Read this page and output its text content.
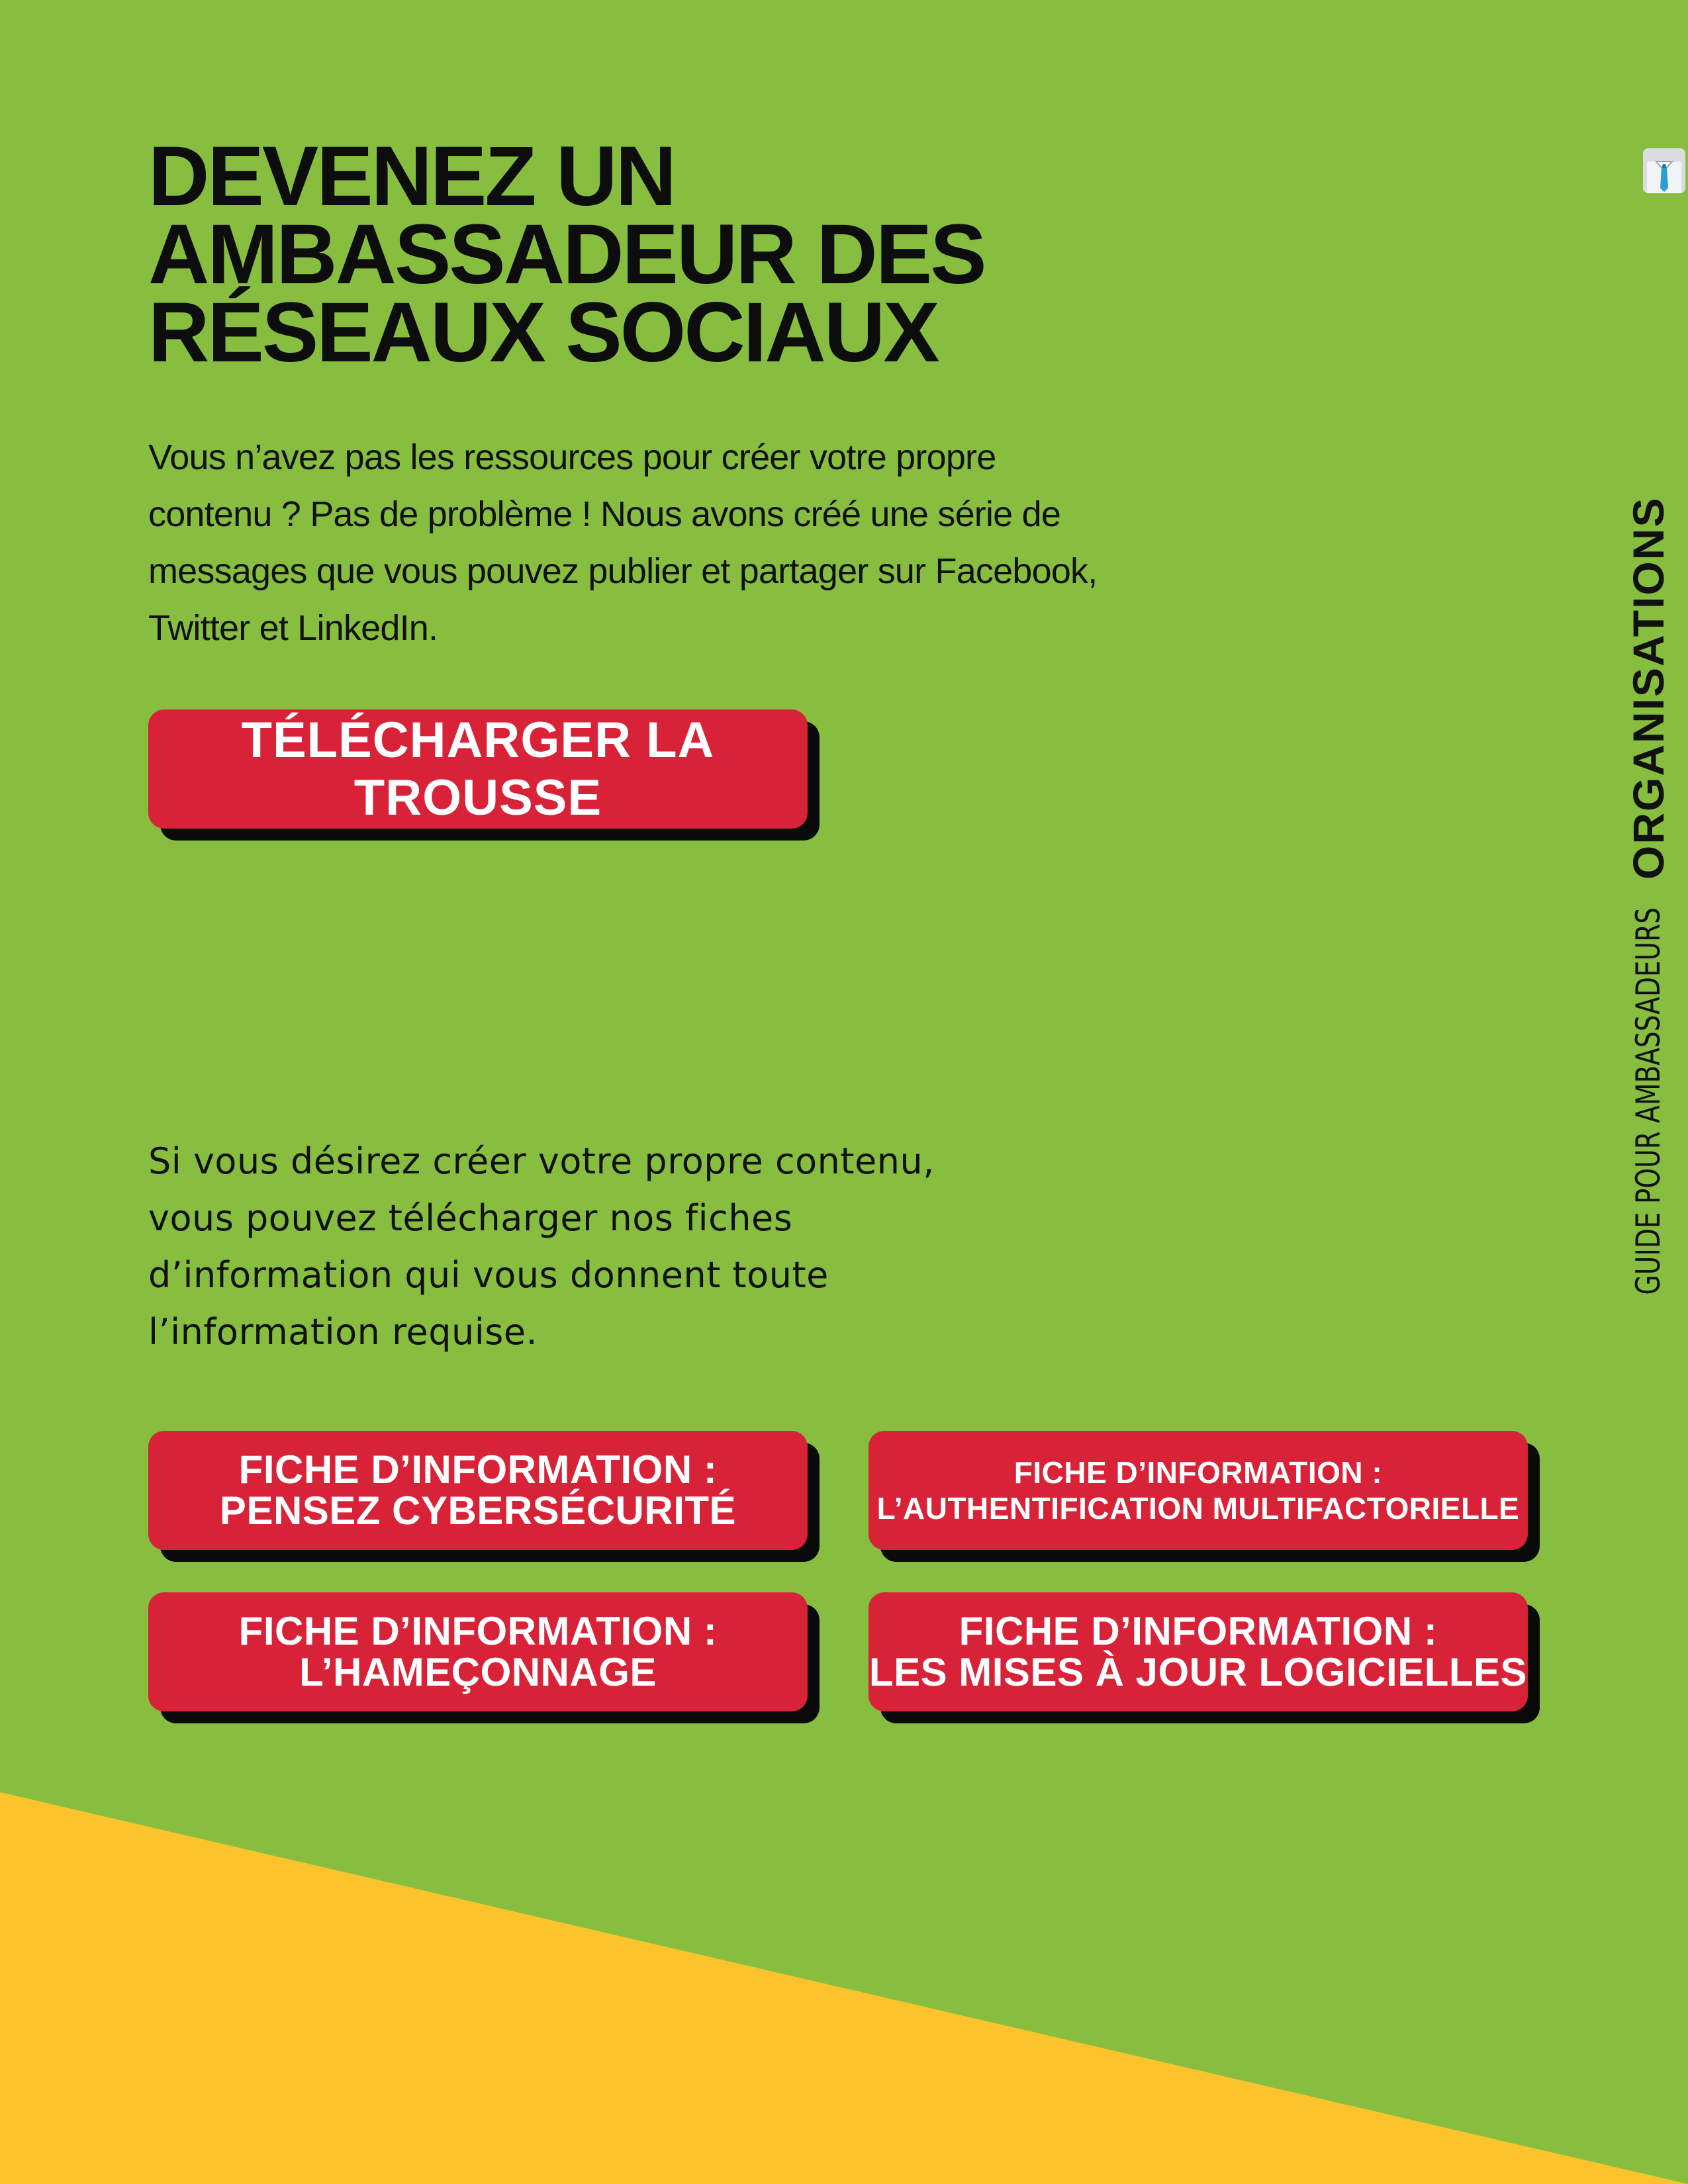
DEVENEZ UN
AMBASSADEUR DES
RÉSEAUX SOCIAUX

Vous n’avez pas les ressources pour créer votre propre contenu ? Pas de problème ! Nous avons créé une série de messages que vous pouvez publier et partager sur Facebook, Twitter et LinkedIn.

TÉLÉCHARGER LA TROUSSE

Si vous désirez créer votre propre contenu, vous pouvez télécharger nos fiches d’information qui vous donnent toute l’information requise.

FICHE D’INFORMATION :
PENSEZ CYBERSÉCURITÉ
FICHE D’INFORMATION :
L’AUTHENTIFICATION MULTIFACTORIELLE
FICHE D’INFORMATION :
L’HAMEÇONNAGE
FICHE D’INFORMATION :
LES MISES À JOUR LOGICIELLES
GUIDE POUR AMBASSADEURS
ORGANISATIONS
